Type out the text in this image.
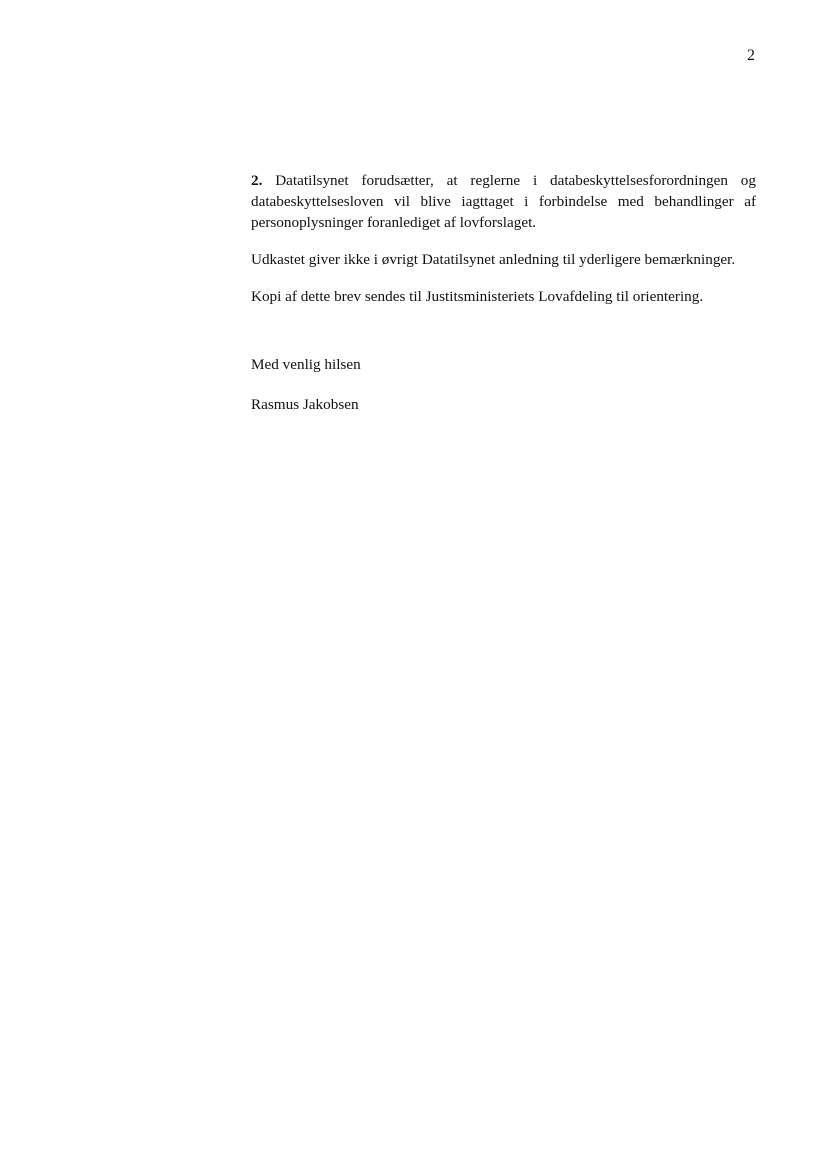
2

2. Datatilsynet forudsætter, at reglerne i databeskyttelsesforordningen og databeskyttelsesloven vil blive iagttaget i forbindelse med behandlinger af personoplysninger foranlediget af lovforslaget.

Udkastet giver ikke i øvrigt Datatilsynet anledning til yderligere bemærkninger.

Kopi af dette brev sendes til Justitsministeriets Lovafdeling til orientering.

Med venlig hilsen
Rasmus Jakobsen
